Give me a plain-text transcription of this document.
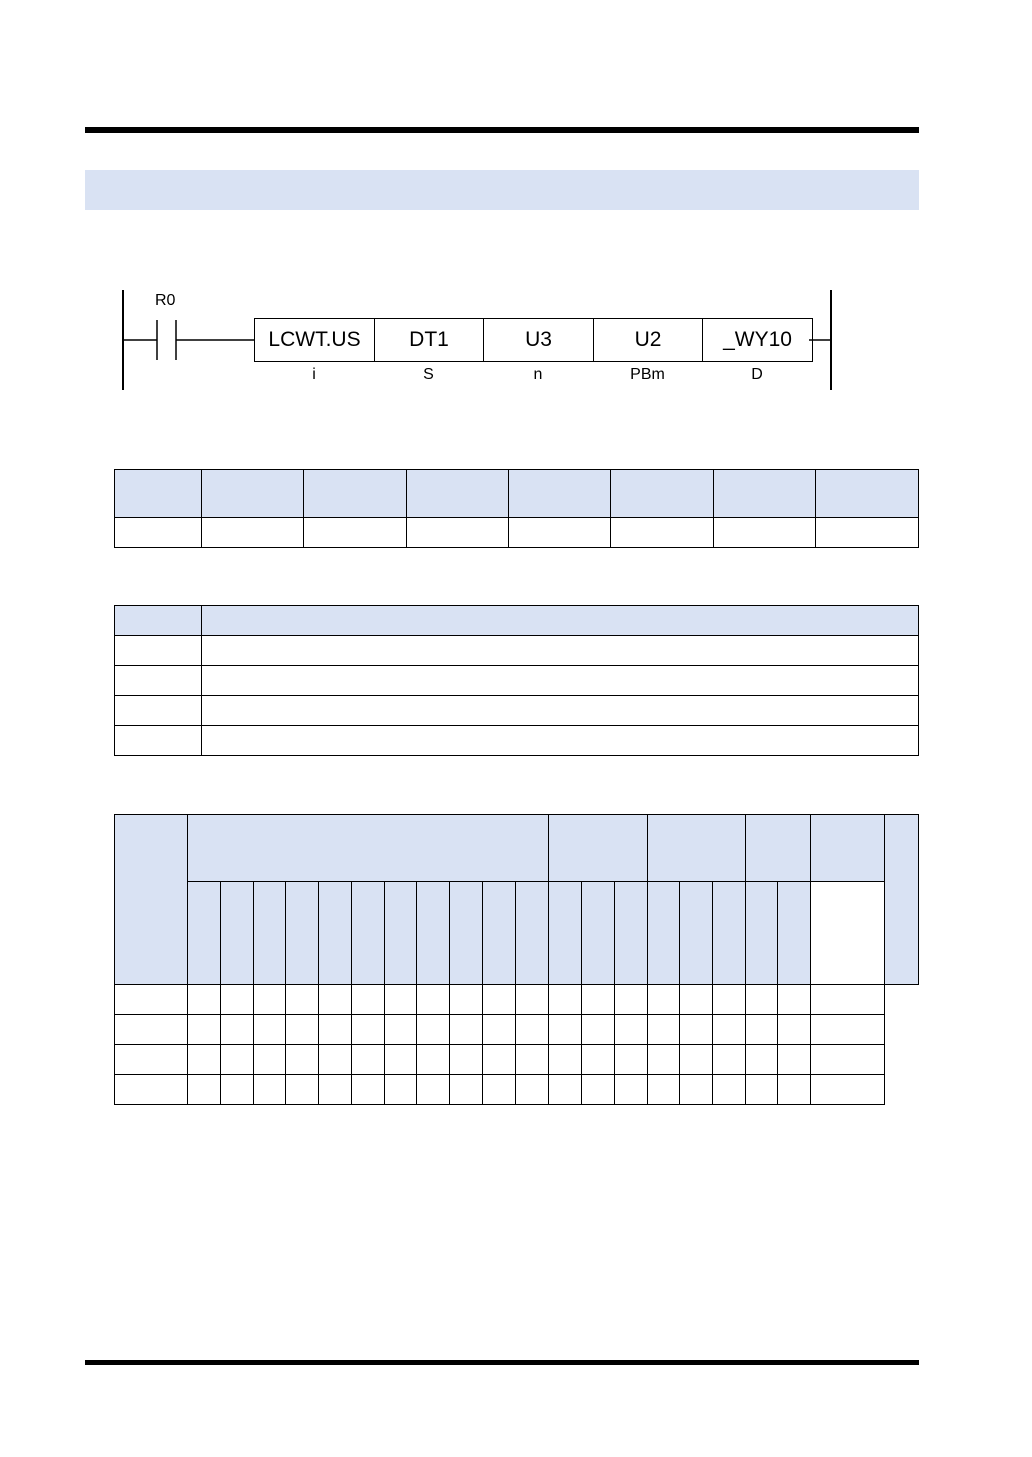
R0
LCWT.US	DT1	U3	U2	_WY10
i	S	n	PBm	D
